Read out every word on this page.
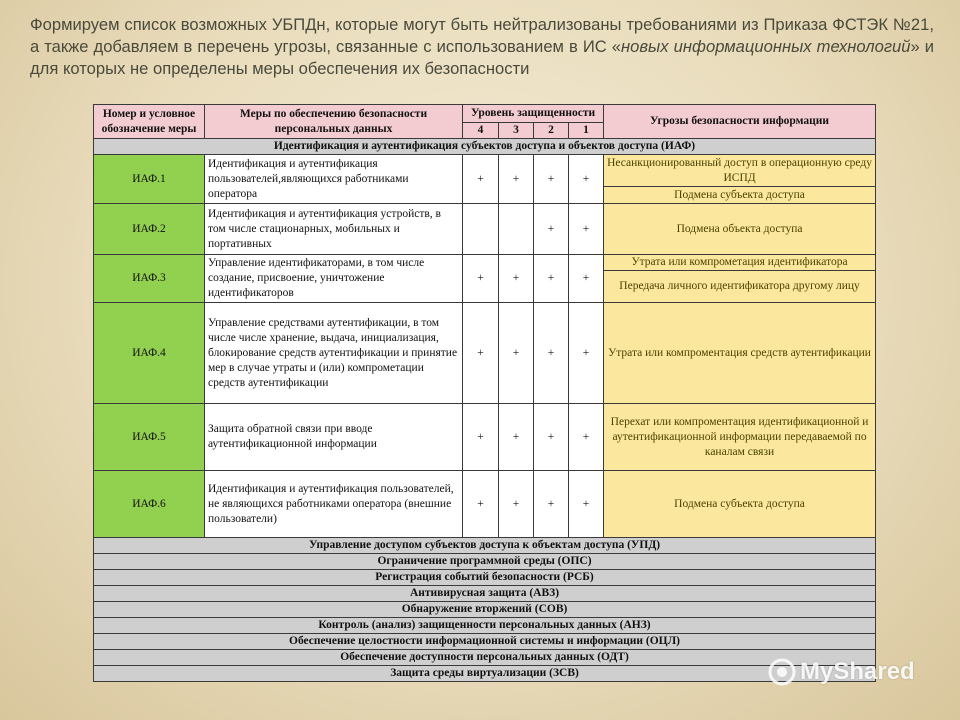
Формируем список возможных УБПДн, которые могут быть нейтрализованы требованиями из Приказа ФСТЭК №21, а также добавляем в перечень угрозы, связанные с использованием в ИС «новых информационных технологий» и для которых не определены меры обеспечения их безопасности
Номер и условное обозначение меры	Меры по обеспечению безопасности персональных данных	Уровень защищенности				Угрозы безопасности информации
		4	3	2	1	
Идентификация и аутентификация субъектов доступа и объектов доступа (ИАФ)						
ИАФ.1	Идентификация и аутентификация пользователей,являющихся работниками оператора	+	+	+	+	Несанкционированный доступ в операционную среду ИСПД
						Подмена субъекта доступа
ИАФ.2	Идентификация и аутентификация устройств, в том числе стационарных, мобильных и портативных			+	+	Подмена объекта доступа
ИАФ.3	Управление идентификаторами, в том числе создание, присвоение, уничтожение идентификаторов	+	+	+	+	Утрата или компрометация идентификатора
						Передача личного идентификатора другому лицу
ИАФ.4	Управление средствами аутентификации, в том числе числе хранение, выдача, инициализация, блокирование средств аутентификации и принятие мер в случае утраты и (или) компрометации средств аутентификации	+	+	+	+	Утрата или компроментация средств аутентификации
ИАФ.5	Защита обратной связи при вводе аутентификационной информации	+	+	+	+	Перехат или компроментация идентификационной и аутентификационной информации передаваемой по каналам связи
ИАФ.6	Идентификация и аутентификация пользователей, не являющихся работниками оператора (внешние пользователи)	+	+	+	+	Подмена субъекта доступа
Управление доступом субъектов доступа к объектам доступа (УПД)						
Ограничение программной среды (ОПС)						
Регистрация событий безопасности (РСБ)						
Антивирусная защита (АВЗ)						
Обнаружение вторжений (СОВ)						
Контроль (анализ) защищенности персональных данных (АНЗ)						
Обеспечение целостности информационной системы и информации (ОЦЛ)						
Обеспечение доступности персональных данных (ОДТ)						
Защита среды виртуализации (ЗСВ)							MyShared
